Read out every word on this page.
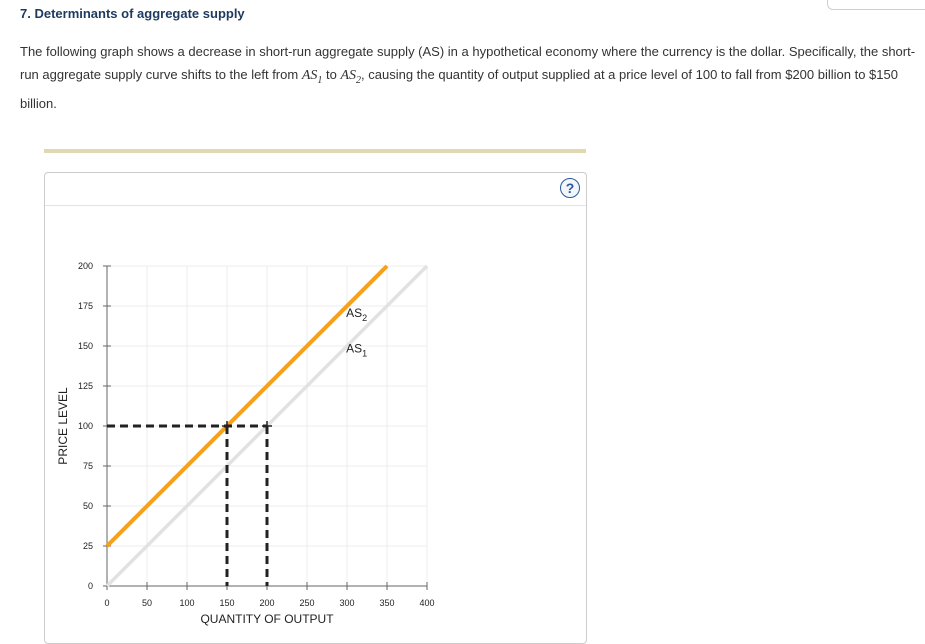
7. Determinants of aggregate supply

The following graph shows a decrease in short-run aggregate supply (AS) in a hypothetical economy where the currency is the dollar. Specifically, the short-run aggregate supply curve shifts to the left from $AS_1$ to $AS_2$, causing the quantity of output supplied at a price level of 100 to fall from $200 billion to $150 billion.

?
0	50	100	150	200	250	300	350	400
0
25
50
75
100
125
150
175
200
QUANTITY OF OUTPUT
PRICE LEVEL
$AS_1$
$AS_2$
